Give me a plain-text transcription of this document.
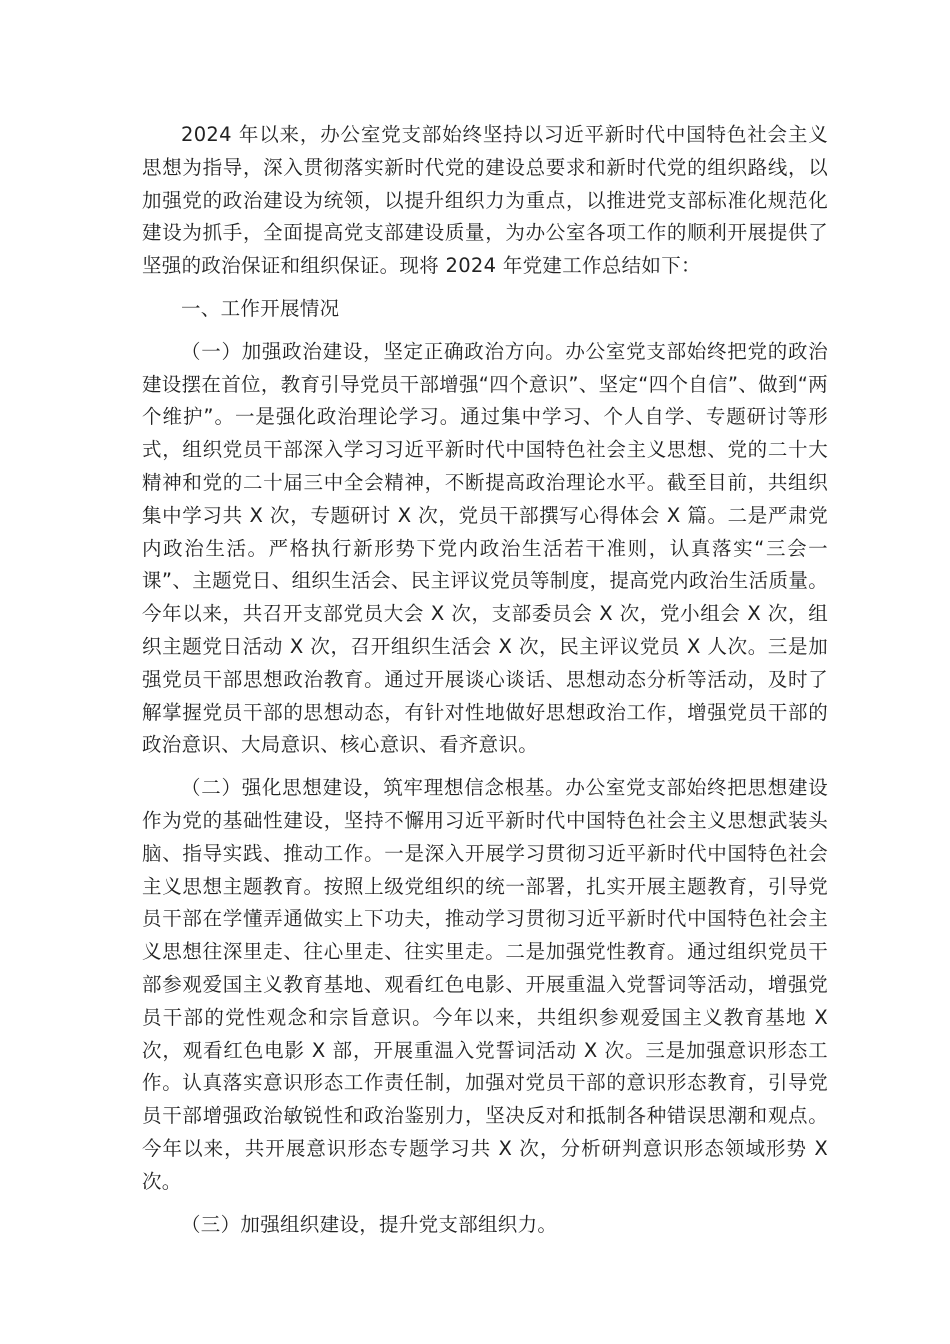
2024 年以来，办公室党支部始终坚持以习近平新时代中国特色社会主义思想为指导，深入贯彻落实新时代党的建设总要求和新时代党的组织路线，以加强党的政治建设为统领，以提升组织力为重点，以推进党支部标准化规范化建设为抓手，全面提高党支部建设质量，为办公室各项工作的顺利开展提供了坚强的政治保证和组织保证。现将 2024 年党建工作总结如下：

一、工作开展情况

（一）加强政治建设，坚定正确政治方向。办公室党支部始终把党的政治建设摆在首位，教育引导党员干部增强“四个意识”、坚定“四个自信”、做到“两个维护”。一是强化政治理论学习。通过集中学习、个人自学、专题研讨等形式，组织党员干部深入学习习近平新时代中国特色社会主义思想、党的二十大精神和党的二十届三中全会精神，不断提高政治理论水平。截至目前，共组织集中学习共 X 次，专题研讨 X 次，党员干部撰写心得体会 X 篇。二是严肃党内政治生活。严格执行新形势下党内政治生活若干准则，认真落实“三会一课”、主题党日、组织生活会、民主评议党员等制度，提高党内政治生活质量。今年以来，共召开支部党员大会 X 次，支部委员会 X 次，党小组会 X 次，组织主题党日活动 X 次，召开组织生活会 X 次，民主评议党员 X 人次。三是加强党员干部思想政治教育。通过开展谈心谈话、思想动态分析等活动，及时了解掌握党员干部的思想动态，有针对性地做好思想政治工作，增强党员干部的政治意识、大局意识、核心意识、看齐意识。

（二）强化思想建设，筑牢理想信念根基。办公室党支部始终把思想建设作为党的基础性建设，坚持不懈用习近平新时代中国特色社会主义思想武装头脑、指导实践、推动工作。一是深入开展学习贯彻习近平新时代中国特色社会主义思想主题教育。按照上级党组织的统一部署，扎实开展主题教育，引导党员干部在学懂弄通做实上下功夫，推动学习贯彻习近平新时代中国特色社会主义思想往深里走、往心里走、往实里走。二是加强党性教育。通过组织党员干部参观爱国主义教育基地、观看红色电影、开展重温入党誓词等活动，增强党员干部的党性观念和宗旨意识。今年以来，共组织参观爱国主义教育基地 X 次，观看红色电影 X 部，开展重温入党誓词活动 X 次。三是加强意识形态工作。认真落实意识形态工作责任制，加强对党员干部的意识形态教育，引导党员干部增强政治敏锐性和政治鉴别力，坚决反对和抵制各种错误思潮和观点。今年以来，共开展意识形态专题学习共 X 次，分析研判意识形态领域形势 X 次。

（三）加强组织建设，提升党支部组织力。
